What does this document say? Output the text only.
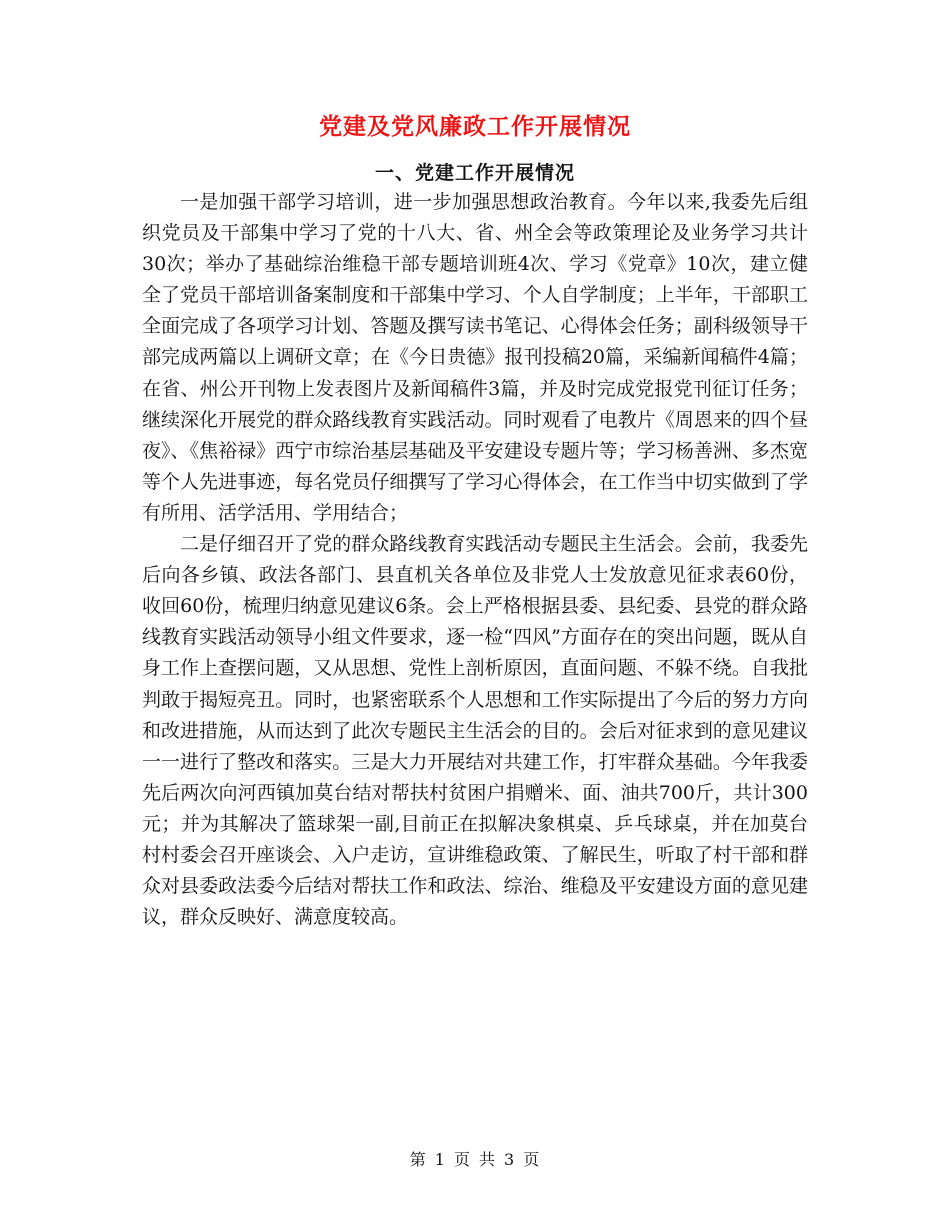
党建及党风廉政工作开展情况
一、党建工作开展情况

一是加强干部学习培训，进一步加强思想政治教育。今年以来,我委先后组织党员及干部集中学习了党的十八大、省、州全会等政策理论及业务学习共计30次；举办了基础综治维稳干部专题培训班4次、学习《党章》10次，建立健全了党员干部培训备案制度和干部集中学习、个人自学制度；上半年，干部职工全面完成了各项学习计划、答题及撰写读书笔记、心得体会任务；副科级领导干部完成两篇以上调研文章；在《今日贵德》报刊投稿20篇，采编新闻稿件4篇；在省、州公开刊物上发表图片及新闻稿件3篇，并及时完成党报党刊征订任务；继续深化开展党的群众路线教育实践活动。同时观看了电教片《周恩来的四个昼夜》、《焦裕禄》西宁市综治基层基础及平安建设专题片等；学习杨善洲、多杰宽等个人先进事迹，每名党员仔细撰写了学习心得体会，在工作当中切实做到了学有所用、活学活用、学用结合；

二是仔细召开了党的群众路线教育实践活动专题民主生活会。会前，我委先后向各乡镇、政法各部门、县直机关各单位及非党人士发放意见征求表60份，收回60份，梳理归纳意见建议6条。会上严格根据县委、县纪委、县党的群众路线教育实践活动领导小组文件要求，逐一检“四风”方面存在的突出问题，既从自身工作上查摆问题，又从思想、党性上剖析原因，直面问题、不躲不绕。自我批判敢于揭短亮丑。同时，也紧密联系个人思想和工作实际提出了今后的努力方向和改进措施，从而达到了此次专题民主生活会的目的。会后对征求到的意见建议一一进行了整改和落实。三是大力开展结对共建工作，打牢群众基础。今年我委先后两次向河西镇加莫台结对帮扶村贫困户捐赠米、面、油共700斤，共计300元；并为其解决了篮球架一副,目前正在拟解决象棋桌、乒乓球桌，并在加莫台村村委会召开座谈会、入户走访，宣讲维稳政策、了解民生，听取了村干部和群众对县委政法委今后结对帮扶工作和政法、综治、维稳及平安建设方面的意见建议，群众反映好、满意度较高。

第 1 页 共 3 页
